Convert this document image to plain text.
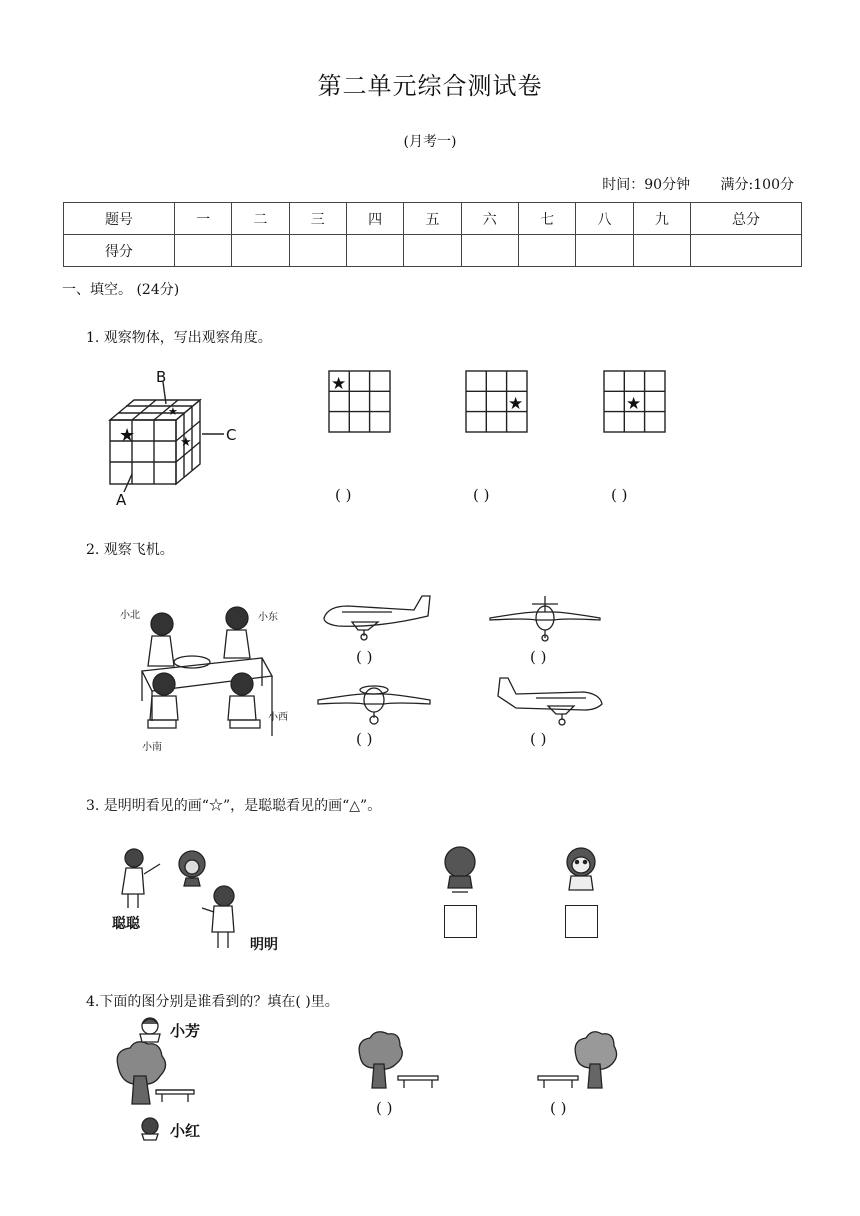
第二单元综合测试卷
(月考一)
时间：90分钟 满分:100分
题号	一	二	三	四	五	六	七	八	九	总分
得分										
一、填空。 (24分)
1. 观察物体，写出观察角度。
★
★
★
B
C
A
★
★	★
( )	( )	( )
2. 观察飞机。
小北	小东
小西
小南
( )	( )
( )	( )
3. 是明明看见的画“☆”，是聪聪看见的画“△”。
聪聪
明明
4.下面的图分别是谁看到的？填在( )里。
小芳
小红
( )	( )
